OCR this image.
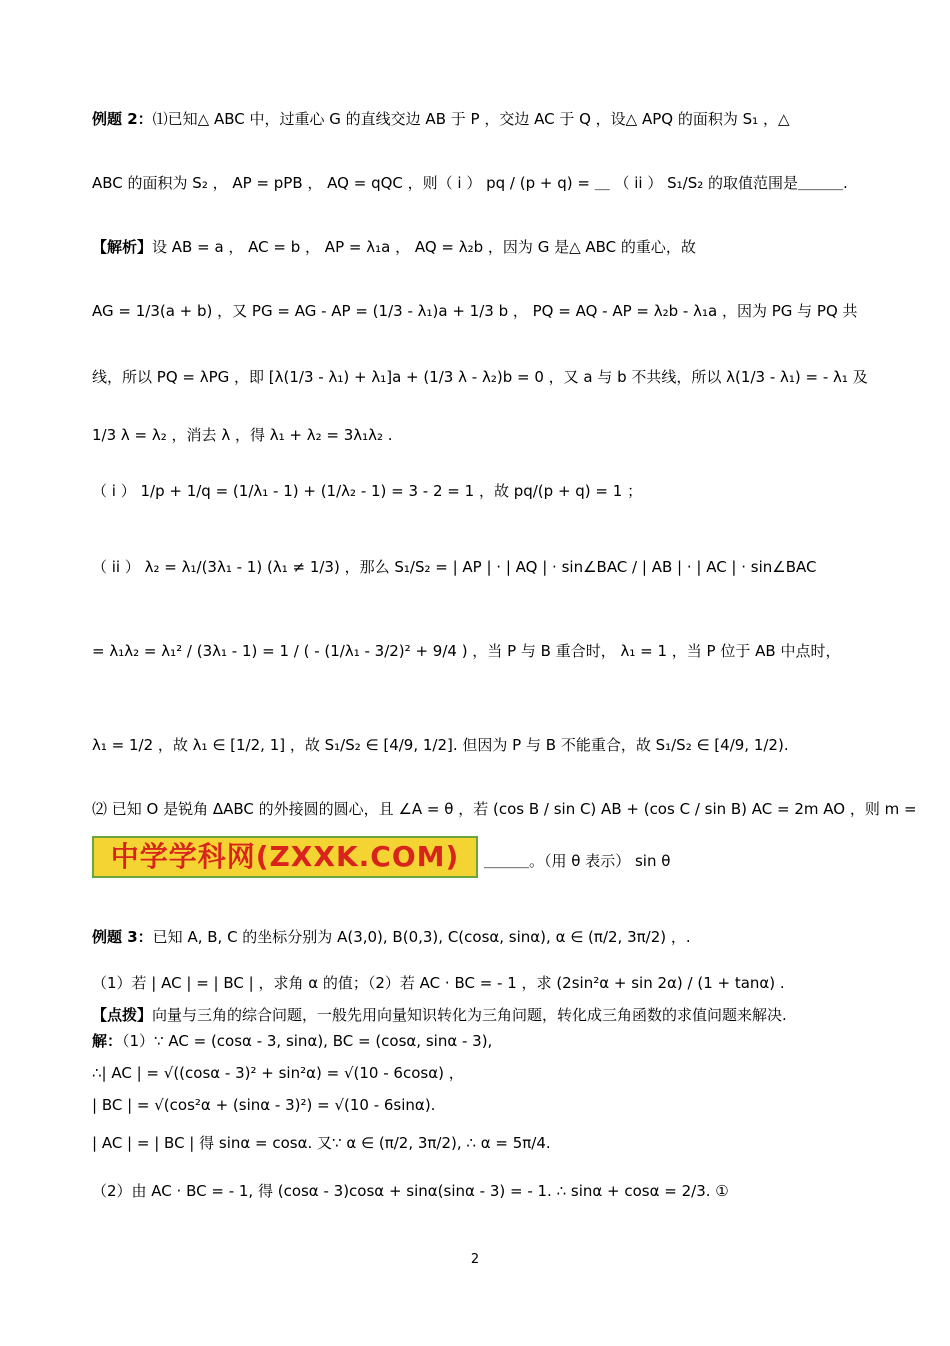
例题 2：⑴已知△ ABC 中，过重心 G 的直线交边 AB 于 P ，交边 AC 于 Q ，设△ APQ 的面积为 S₁ ，△
ABC 的面积为 S₂ ， AP = pPB ， AQ = qQC ，则（ i ） pq / (p + q) = ＿ （ ii ） S₁/S₂ 的取值范围是＿＿＿.
【解析】设 AB = a ， AC = b ， AP = λ₁a ， AQ = λ₂b ，因为 G 是△ ABC 的重心，故
AG = 1/3(a + b) ，又 PG = AG - AP = (1/3 - λ₁)a + 1/3 b ， PQ = AQ - AP = λ₂b - λ₁a ，因为 PG 与 PQ 共
线，所以 PQ = λPG ，即 [λ(1/3 - λ₁) + λ₁]a + (1/3 λ - λ₂)b = 0 ，又 a 与 b 不共线，所以 λ(1/3 - λ₁) = - λ₁ 及
1/3 λ = λ₂ ，消去 λ ，得 λ₁ + λ₂ = 3λ₁λ₂ .
（ i ） 1/p + 1/q = (1/λ₁ - 1) + (1/λ₂ - 1) = 3 - 2 = 1 ，故 pq/(p + q) = 1 ；
（ ii ） λ₂ = λ₁/(3λ₁ - 1) (λ₁ ≠ 1/3) ，那么 S₁/S₂ = | AP | · | AQ | · sin∠BAC / | AB | · | AC | · sin∠BAC
= λ₁λ₂ = λ₁² / (3λ₁ - 1) = 1 / ( - (1/λ₁ - 3/2)² + 9/4 ) ，当 P 与 B 重合时， λ₁ = 1 ，当 P 位于 AB 中点时，
λ₁ = 1/2 ，故 λ₁ ∈ [1/2, 1] ，故 S₁/S₂ ∈ [4/9, 1/2]. 但因为 P 与 B 不能重合，故 S₁/S₂ ∈ [4/9, 1/2).
⑵ 已知 O 是锐角 ΔABC 的外接圆的圆心，且 ∠A = θ ，若 (cos B / sin C) AB + (cos C / sin B) AC = 2m AO ，则 m =
中学学科网(ZXXK.COM)	＿＿＿。（用 θ 表示） sin θ
例题 3：已知 A, B, C 的坐标分别为 A(3,0), B(0,3), C(cosα, sinα), α ∈ (π/2, 3π/2) ，.
（1）若 | AC | = | BC | ，求角 α 的值；（2）若 AC · BC = - 1 ，求 (2sin²α + sin 2α) / (1 + tanα) .
【点拨】向量与三角的综合问题，一般先用向量知识转化为三角问题，转化成三角函数的求值问题来解决.
解：（1）∵ AC = (cosα - 3, sinα), BC = (cosα, sinα - 3),
∴| AC | = √((cosα - 3)² + sin²α) = √(10 - 6cosα) ，
| BC | = √(cos²α + (sinα - 3)²) = √(10 - 6sinα).
| AC | = | BC | 得 sinα = cosα. 又∵ α ∈ (π/2, 3π/2), ∴ α = 5π/4.
（2）由 AC · BC = - 1, 得 (cosα - 3)cosα + sinα(sinα - 3) = - 1. ∴ sinα + cosα = 2/3. ①
2
